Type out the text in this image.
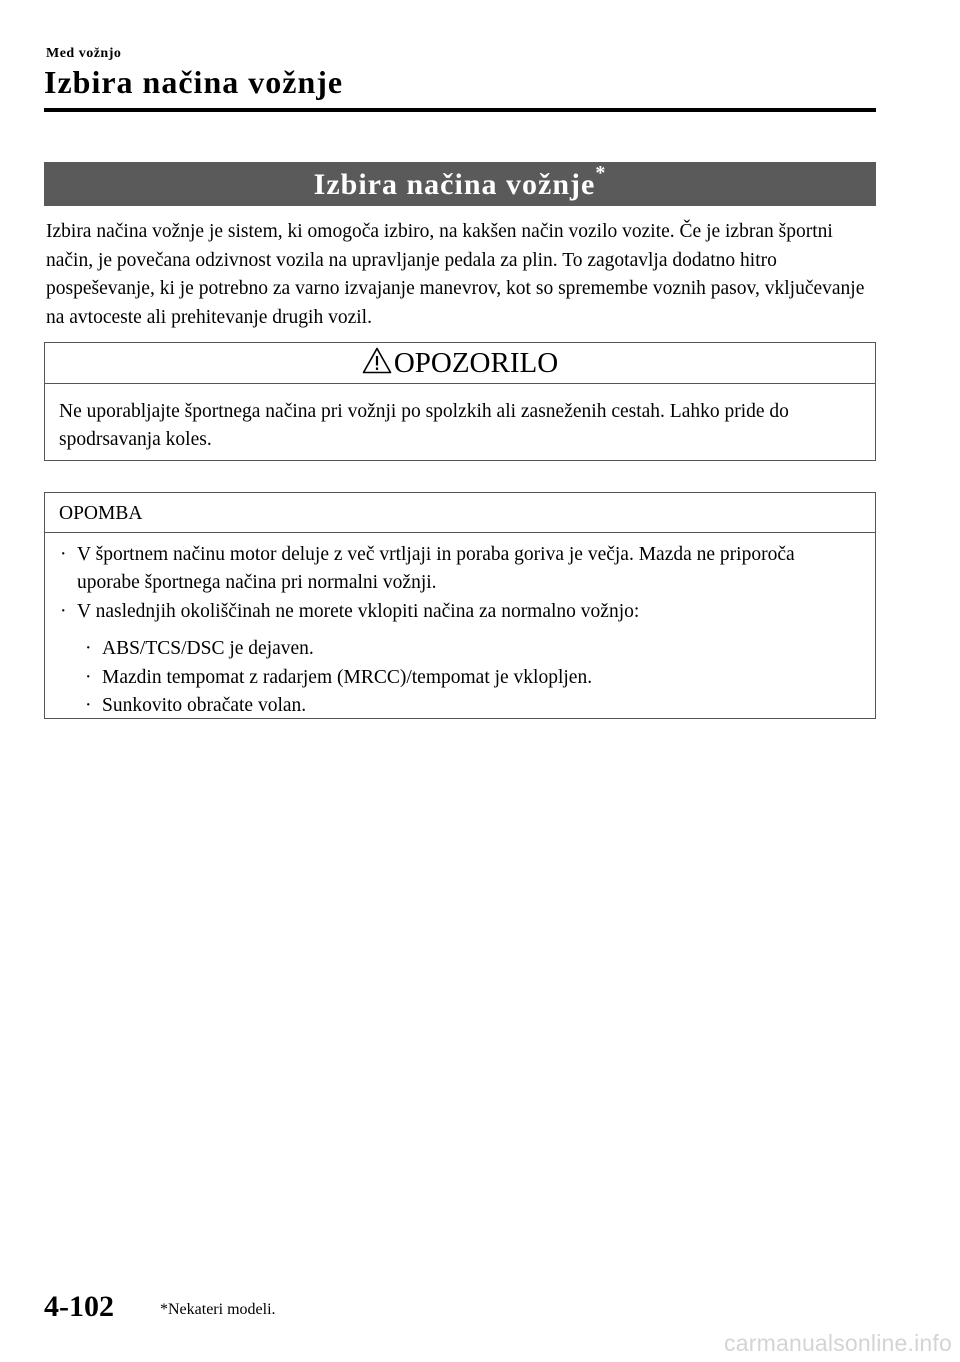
Med vožnjo
Izbira načina vožnje
Izbira načina vožnje*

Izbira načina vožnje je sistem, ki omogoča izbiro, na kakšen način vozilo vozite. Če je izbran športni način, je povečana odzivnost vozila na upravljanje pedala za plin. To zagotavlja dodatno hitro pospeševanje, ki je potrebno za varno izvajanje manevrov, kot so spremembe voznih pasov, vključevanje na avtoceste ali prehitevanje drugih vozil.

OPOZORILO
Ne uporabljajte športnega načina pri vožnji po spolzkih ali zasneženih cestah. Lahko pride do spodrsavanja koles.
OPOMBA
· V športnem načinu motor deluje z več vrtljaji in poraba goriva je večja. Mazda ne priporoča uporabe športnega načina pri normalni vožnji.
· V naslednjih okoliščinah ne morete vklopiti načina za normalno vožnjo:
· ABS/TCS/DSC je dejaven.
· Mazdin tempomat z radarjem (MRCC)/tempomat je vklopljen.
· Sunkovito obračate volan.
4-102	*Nekateri modeli.
carmanualsonline.info
